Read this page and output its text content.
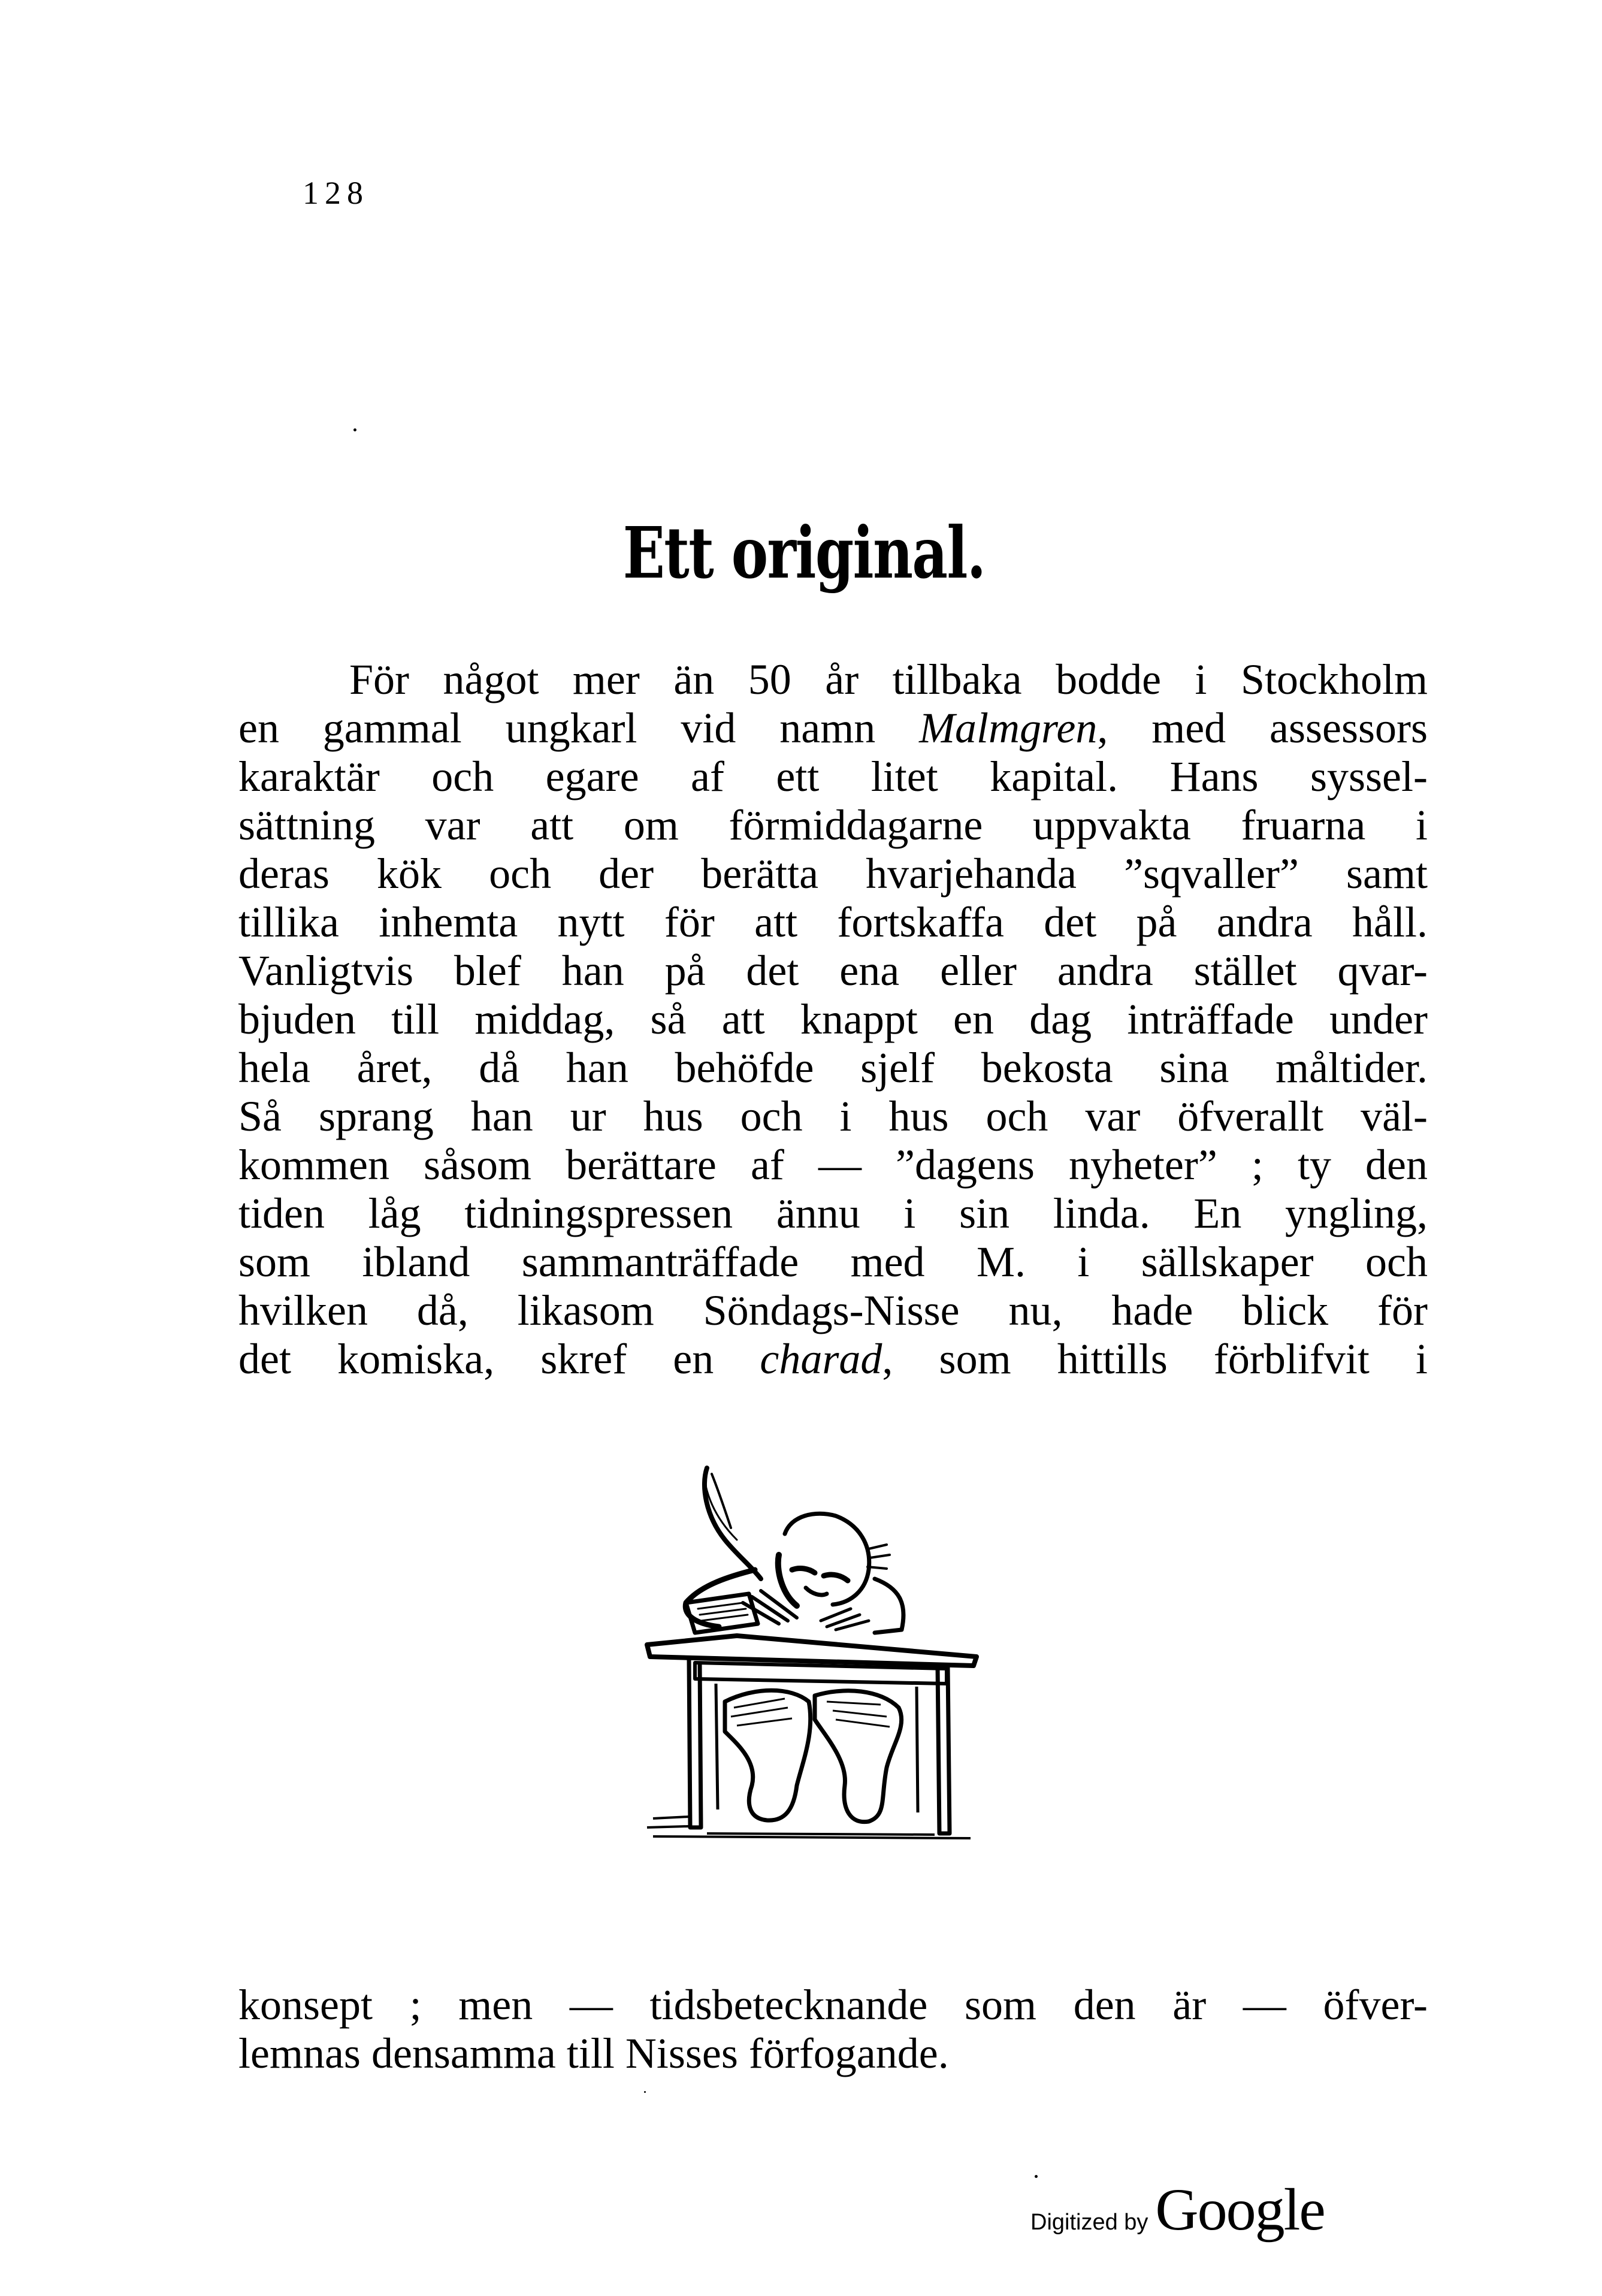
128
Ett original.
För något mer än 50 år tillbaka bodde i Stockholm
en gammal ungkarl vid namn Malmgren, med assessors
karaktär och egare af ett litet kapital. Hans syssel-
sättning var att om förmiddagarne uppvakta fruarna i
deras kök och der berätta hvarjehanda ”sqvaller” samt
tillika inhemta nytt för att fortskaffa det på andra håll.
Vanligtvis blef han på det ena eller andra stället qvar-
bjuden till middag, så att knappt en dag inträffade under
hela året, då han behöfde sjelf bekosta sina måltider.
Så sprang han ur hus och i hus och var öfverallt väl-
kommen såsom berättare af — ”dagens nyheter” ; ty den
tiden låg tidningspressen ännu i sin linda. En yngling,
som ibland sammanträffade med M. i sällskaper och
hvilken då, likasom Söndags-Nisse nu, hade blick för
det komiska, skref en charad, som hittills förblifvit i
konsept ; men — tidsbetecknande som den är — öfver-
lemnas densamma till Nisses förfogande.
Digitized by Google
